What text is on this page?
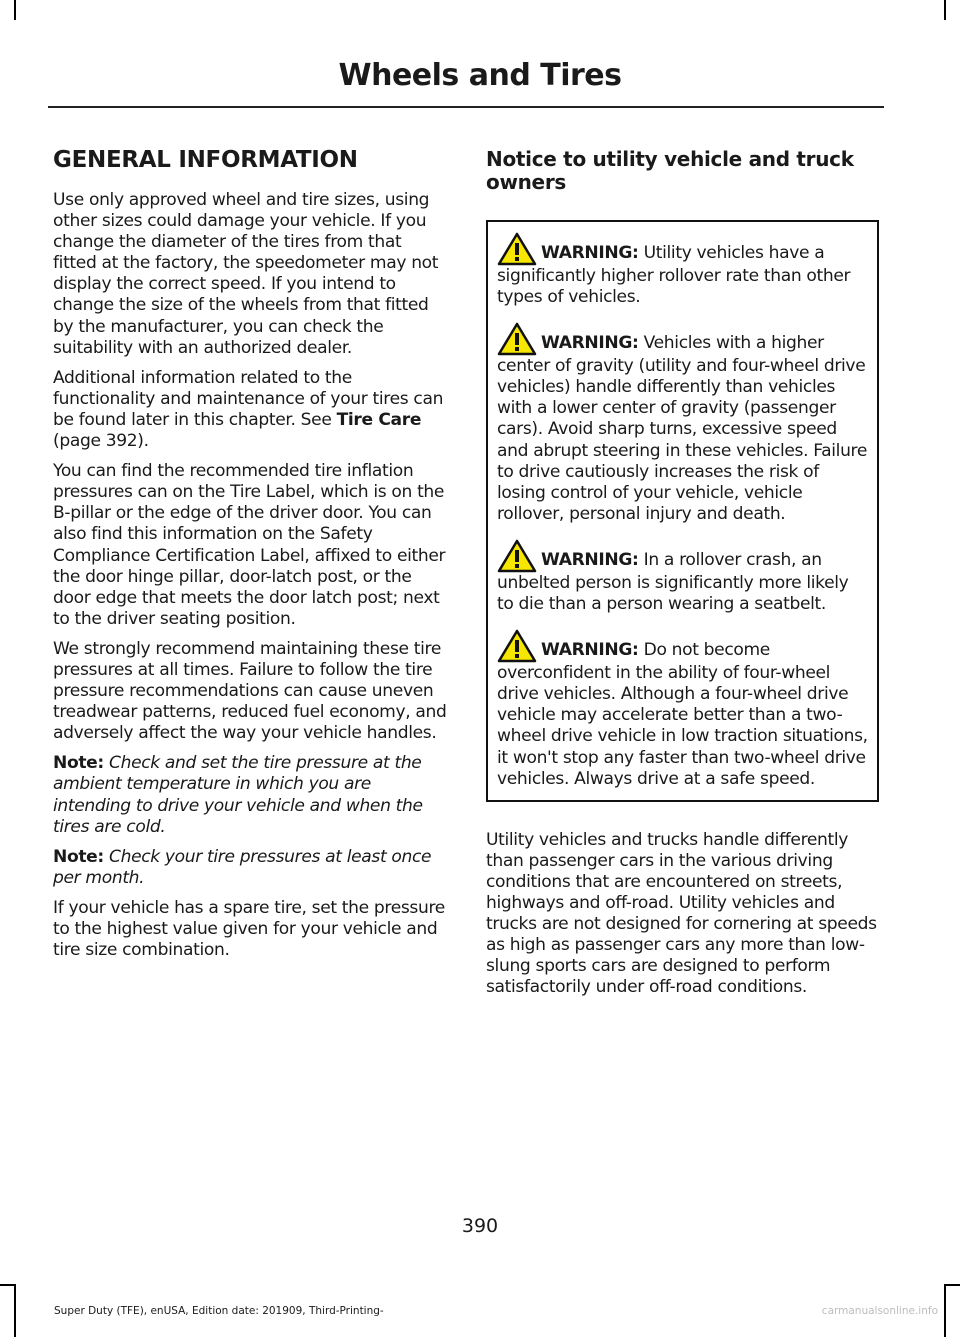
Wheels and Tires
GENERAL INFORMATION

Use only approved wheel and tire sizes, using other sizes could damage your vehicle. If you change the diameter of the tires from that fitted at the factory, the speedometer may not display the correct speed. If you intend to change the size of the wheels from that fitted by the manufacturer, you can check the suitability with an authorized dealer.

Additional information related to the functionality and maintenance of your tires can be found later in this chapter. See Tire Care (page 392).

You can find the recommended tire inflation pressures can on the Tire Label, which is on the B-pillar or the edge of the driver door. You can also find this information on the Safety Compliance Certification Label, affixed to either the door hinge pillar, door-latch post, or the door edge that meets the door latch post; next to the driver seating position.

We strongly recommend maintaining these tire pressures at all times. Failure to follow the tire pressure recommendations can cause uneven treadwear patterns, reduced fuel economy, and adversely affect the way your vehicle handles.

Note: Check and set the tire pressure at the ambient temperature in which you are intending to drive your vehicle and when the tires are cold.

Note: Check your tire pressures at least once per month.

If your vehicle has a spare tire, set the pressure to the highest value given for your vehicle and tire size combination.

Notice to utility vehicle and truck owners
WARNING: Utility vehicles have a significantly higher rollover rate than other types of vehicles.
WARNING: Vehicles with a higher center of gravity (utility and four-wheel drive vehicles) handle differently than vehicles with a lower center of gravity (passenger cars). Avoid sharp turns, excessive speed and abrupt steering in these vehicles. Failure to drive cautiously increases the risk of losing control of your vehicle, vehicle rollover, personal injury and death.
WARNING: In a rollover crash, an unbelted person is significantly more likely to die than a person wearing a seatbelt.
WARNING: Do not become overconfident in the ability of four-wheel drive vehicles. Although a four-wheel drive vehicle may accelerate better than a two-wheel drive vehicle in low traction situations, it won't stop any faster than two-wheel drive vehicles. Always drive at a safe speed.

Utility vehicles and trucks handle differently than passenger cars in the various driving conditions that are encountered on streets, highways and off-road. Utility vehicles and trucks are not designed for cornering at speeds as high as passenger cars any more than low-slung sports cars are designed to perform satisfactorily under off-road conditions.

390
Super Duty (TFE), enUSA, Edition date: 201909, Third-Printing-	carmanualsonline.info
